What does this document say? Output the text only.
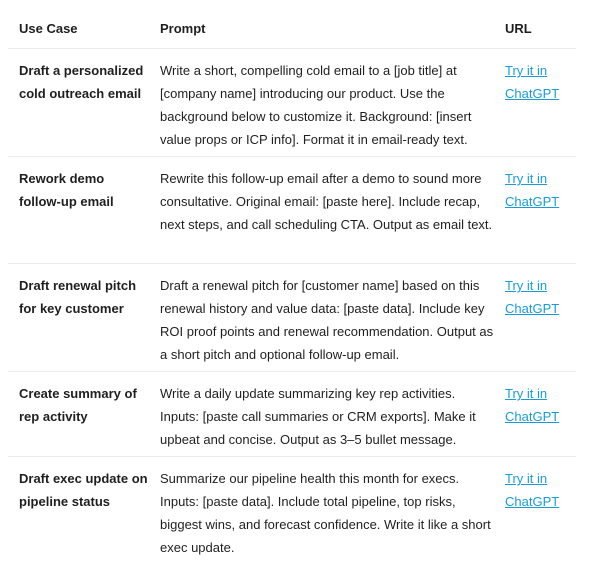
Use Case	Prompt	URL
Draft a personalized cold outreach email
Write a short, compelling cold email to a [job title] at [company name] introducing our product. Use the background below to customize it. Background: [insert value props or ICP info]. Format it in email-ready text.
Try it in ChatGPT
Rework demo follow-up email
Rewrite this follow-up email after a demo to sound more consultative. Original email: [paste here]. Include recap, next steps, and call scheduling CTA. Output as email text.
Try it in ChatGPT
Draft renewal pitch for key customer
Draft a renewal pitch for [customer name] based on this renewal history and value data: [paste data]. Include key ROI proof points and renewal recommendation. Output as a short pitch and optional follow-up email.
Try it in ChatGPT
Create summary of rep activity
Write a daily update summarizing key rep activities. Inputs: [paste call summaries or CRM exports]. Make it upbeat and concise. Output as 3–5 bullet message.
Try it in ChatGPT
Draft exec update on pipeline status
Summarize our pipeline health this month for execs. Inputs: [paste data]. Include total pipeline, top risks, biggest wins, and forecast confidence. Write it like a short exec update.
Try it in ChatGPT
